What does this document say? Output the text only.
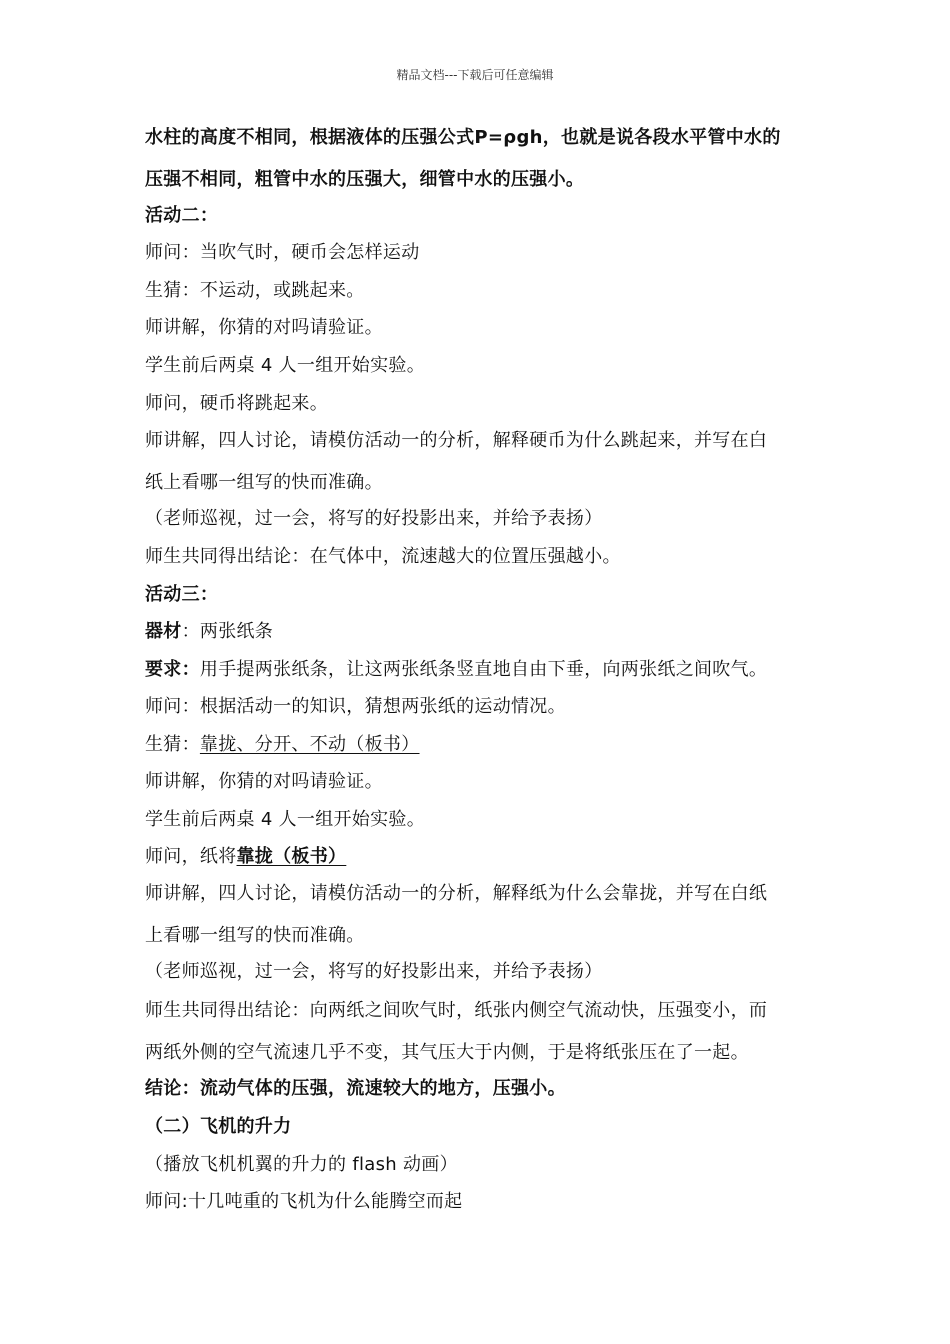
精品文档---下载后可任意编辑
水柱的高度不相同，根据液体的压强公式P=ρgh，也就是说各段水平管中水的
压强不相同，粗管中水的压强大，细管中水的压强小。
活动二：
师问：当吹气时，硬币会怎样运动
生猜：不运动，或跳起来。
师讲解，你猜的对吗请验证。
学生前后两桌 4 人一组开始实验。
师问，硬币将跳起来。
师讲解，四人讨论，请模仿活动一的分析，解释硬币为什么跳起来，并写在白
纸上看哪一组写的快而准确。
（老师巡视，过一会，将写的好投影出来，并给予表扬）
师生共同得出结论：在气体中，流速越大的位置压强越小。
活动三：
器材：两张纸条
要求：用手提两张纸条，让这两张纸条竖直地自由下垂，向两张纸之间吹气。
师问：根据活动一的知识，猜想两张纸的运动情况。
生猜：靠拢、分开、不动（板书）
师讲解，你猜的对吗请验证。
学生前后两桌 4 人一组开始实验。
师问，纸将靠拢（板书）
师讲解，四人讨论，请模仿活动一的分析，解释纸为什么会靠拢，并写在白纸
上看哪一组写的快而准确。
（老师巡视，过一会，将写的好投影出来，并给予表扬）
师生共同得出结论：向两纸之间吹气时，纸张内侧空气流动快，压强变小，而
两纸外侧的空气流速几乎不变，其气压大于内侧，于是将纸张压在了一起。
结论：流动气体的压强，流速较大的地方，压强小。
（二）飞机的升力
（播放飞机机翼的升力的 flash 动画）
师问:十几吨重的飞机为什么能腾空而起
